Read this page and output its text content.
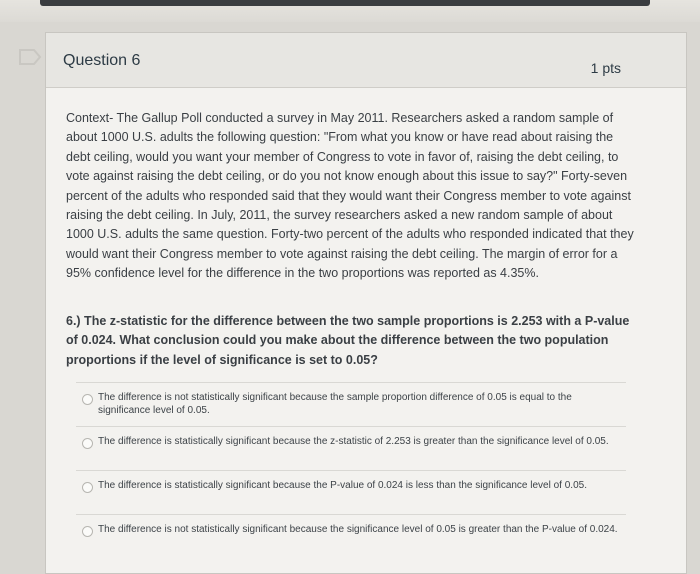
Question 6	1 pts
Context- The Gallup Poll conducted a survey in May 2011. Researchers asked a random sample of about 1000 U.S. adults the following question: "From what you know or have read about raising the debt ceiling, would you want your member of Congress to vote in favor of, raising the debt ceiling, to vote against raising the debt ceiling, or do you not know enough about this issue to say?" Forty-seven percent of the adults who responded said that they would want their Congress member to vote against raising the debt ceiling. In July, 2011, the survey researchers asked a new random sample of about 1000 U.S. adults the same question. Forty-two percent of the adults who responded indicated that they would want their Congress member to vote against raising the debt ceiling. The margin of error for a 95% confidence level for the difference in the two proportions was reported as 4.35%.
6.) The z-statistic for the difference between the two sample proportions is 2.253 with a P-value of 0.024. What conclusion could you make about the difference between the two population proportions if the level of significance is set to 0.05?
The difference is not statistically significant because the sample proportion difference of 0.05 is equal to the significance level of 0.05.
The difference is statistically significant because the z-statistic of 2.253 is greater than the significance level of 0.05.
The difference is statistically significant because the P-value of 0.024 is less than the significance level of 0.05.
The difference is not statistically significant because the significance level of 0.05 is greater than the P-value of 0.024.
